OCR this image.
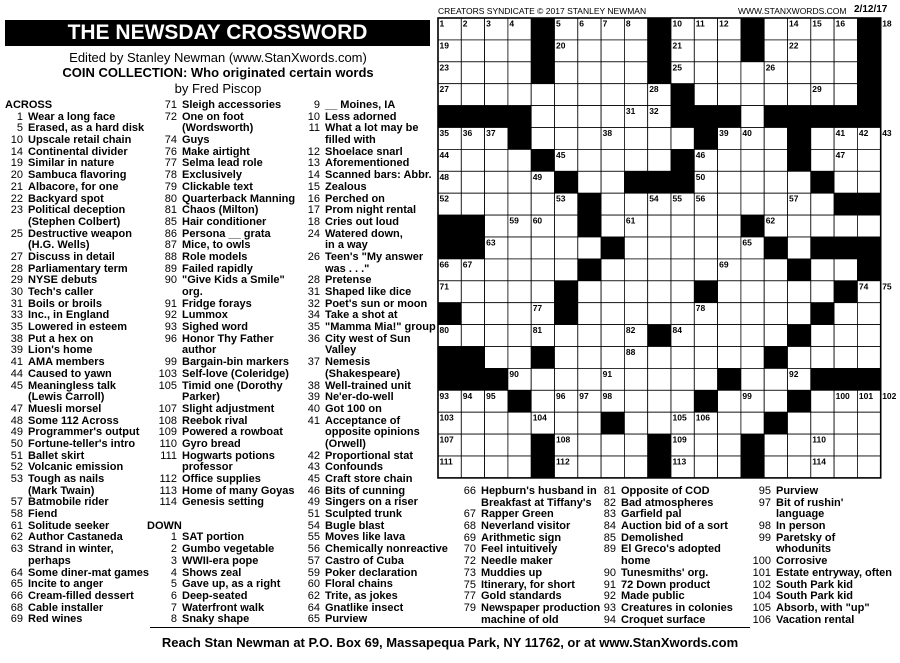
THE NEWSDAY CROSSWORD
Edited by Stanley Newman (www.StanXwords.com)
COIN COLLECTION: Who originated certain words
by Fred Piscop
CREATORS SYNDICATE © 2017 STANLEY NEWMAN	WWW.STANXWORDS.COM 2/12/17
1 2 3 4	5 6 7 8	10 11 12 13	14 15 16 17 18
19	20	21	22
23	24	25	26
27	28	29
30	31 32	33 34
35 36 37	38	39 40	41 42 43
44	45	46	47
48	49	50	51
52	53	54 55 56	57
58	59 60	61	62
63	64	65
66 67	68	69	70
71	72	73	74 75
76	77	78	79
80	81	82 83 84	85
86	87	88	89
90	91	92
93 94 95	96 97 98	99	100 101 102
103	104	105 106
107	108	109	110
111	112	113	114
ACROSS
1 Wear a long face
5 Erased, as a hard disk
10 Upscale retail chain
14 Continental divider
19 Similar in nature
20 Sambuca flavoring
21 Albacore, for one
22 Backyard spot
23 Political deception
(Stephen Colbert)
25 Destructive weapon
(H.G. Wells)
27 Discuss in detail
28 Parliamentary term
29 NYSE debuts
30 Tech's caller
31 Boils or broils
33 Inc., in England
35 Lowered in esteem
38 Put a hex on
39 Lion's home
41 AMA members
44 Caused to yawn
45 Meaningless talk
(Lewis Carroll)
47 Muesli morsel
48 Some 112 Across
49 Programmer's output
50 Fortune-teller's intro
51 Ballet skirt
52 Volcanic emission
53 Tough as nails
(Mark Twain)
57 Batmobile rider
58 Fiend
61 Solitude seeker
62 Author Castaneda
63 Strand in winter,
perhaps
64 Some diner-mat games
65 Incite to anger
66 Cream-filled dessert
68 Cable installer
69 Red wines
71 Sleigh accessories
72 One on foot
(Wordsworth)
74 Guys
76 Make airtight
77 Selma lead role
78 Exclusively
79 Clickable text
80 Quarterback Manning
81 Chaos (Milton)
85 Hair conditioner
86 Persona __ grata
87 Mice, to owls
88 Role models
89 Failed rapidly
90 "Give Kids a Smile"
org.
91 Fridge forays
92 Lummox
93 Sighed word
96 Honor Thy Father
author
99 Bargain-bin markers
103 Self-love (Coleridge)
105 Timid one (Dorothy
Parker)
107 Slight adjustment
108 Reebok rival
109 Powered a rowboat
110 Gyro bread
111 Hogwarts potions
professor
112 Office supplies
113 Home of many Goyas
114 Genesis setting
DOWN
1 SAT portion
2 Gumbo vegetable
3 WWII-era pope
4 Shows zeal
5 Gave up, as a right
6 Deep-seated
7 Waterfront walk
8 Snaky shape
9 __ Moines, IA
10 Less adorned
11 What a lot may be
filled with
12 Shoelace snarl
13 Aforementioned
14 Scanned bars: Abbr.
15 Zealous
16 Perched on
17 Prom night rental
18 Cries out loud
24 Watered down,
in a way
26 Teen's "My answer
was . . ."
28 Pretense
31 Shaped like dice
32 Poet's sun or moon
34 Take a shot at
35 "Mamma Mia!" group
36 City west of Sun
Valley
37 Nemesis
(Shakespeare)
38 Well-trained unit
39 Ne'er-do-well
40 Got 100 on
41 Acceptance of
opposite opinions
(Orwell)
42 Proportional stat
43 Confounds
45 Craft store chain
46 Bits of cunning
49 Singers on a riser
51 Sculpted trunk
54 Bugle blast
55 Moves like lava
56 Chemically nonreactive
57 Castro of Cuba
59 Poker declaration
60 Floral chains
62 Trite, as jokes
64 Gnatlike insect
65 Purview
66 Hepburn's husband in
Breakfast at Tiffany's
67 Rapper Green
68 Neverland visitor
69 Arithmetic sign
70 Feel intuitively
72 Needle maker
73 Muddies up
75 Itinerary, for short
77 Gold standards
79 Newspaper production
machine of old
81 Opposite of COD
82 Bad atmospheres
83 Garfield pal
84 Auction bid of a sort
85 Demolished
89 El Greco's adopted
home
90 Tunesmiths' org.
91 72 Down product
92 Made public
93 Creatures in colonies
94 Croquet surface
95 Purview
97 Bit of rushin'
language
98 In person
99 Paretsky of
whodunits
100 Corrosive
101 Estate entryway, often
102 South Park kid
104 South Park kid
105 Absorb, with "up"
106 Vacation rental
Reach Stan Newman at P.O. Box 69, Massapequa Park, NY 11762, or at www.StanXwords.com
